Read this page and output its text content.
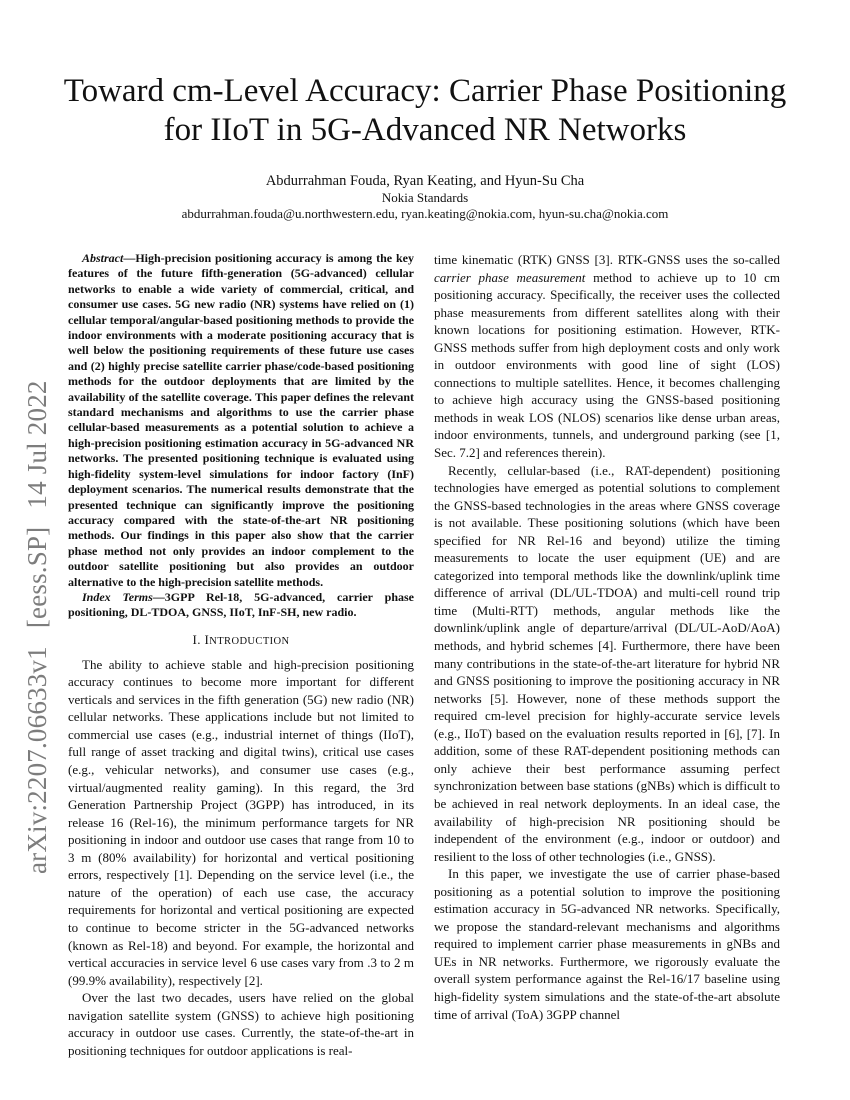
arXiv:2207.06633v1[eess.SP]14 Jul 2022
Toward cm-Level Accuracy: Carrier Phase Positioning for IIoT in 5G-Advanced NR Networks
Abdurrahman Fouda, Ryan Keating, and Hyun-Su Cha
Nokia Standards
abdurrahman.fouda@u.northwestern.edu, ryan.keating@nokia.com, hyun-su.cha@nokia.com

Abstract—High-precision positioning accuracy is among the key features of the future fifth-generation (5G-advanced) cellular networks to enable a wide variety of commercial, critical, and consumer use cases. 5G new radio (NR) systems have relied on (1) cellular temporal/angular-based positioning methods to provide the indoor environments with a moderate positioning accuracy that is well below the positioning requirements of these future use cases and (2) highly precise satellite carrier phase/code-based positioning methods for the outdoor deployments that are limited by the availability of the satellite coverage. This paper defines the relevant standard mechanisms and algorithms to use the carrier phase cellular-based measurements as a potential solution to achieve a high-precision positioning estimation accuracy in 5G-advanced NR networks. The presented positioning technique is evaluated using high-fidelity system-level simulations for indoor factory (InF) deployment scenarios. The numerical results demonstrate that the presented technique can significantly improve the positioning accuracy compared with the state-of-the-art NR positioning methods. Our findings in this paper also show that the carrier phase method not only provides an indoor complement to the outdoor satellite positioning but also provides an outdoor alternative to the high-precision satellite methods.

Index Terms—3GPP Rel-18, 5G-advanced, carrier phase positioning, DL-TDOA, GNSS, IIoT, InF-SH, new radio.

I. INTRODUCTION

The ability to achieve stable and high-precision positioning accuracy continues to become more important for different verticals and services in the fifth generation (5G) new radio (NR) cellular networks. These applications include but not limited to commercial use cases (e.g., industrial internet of things (IIoT), full range of asset tracking and digital twins), critical use cases (e.g., vehicular networks), and consumer use cases (e.g., virtual/augmented reality gaming). In this regard, the 3rd Generation Partnership Project (3GPP) has introduced, in its release 16 (Rel-16), the minimum performance targets for NR positioning in indoor and outdoor use cases that range from 10 to 3 m (80% availability) for horizontal and vertical positioning errors, respectively [1]. Depending on the service level (i.e., the nature of the operation) of each use case, the accuracy requirements for horizontal and vertical positioning are expected to continue to become stricter in the 5G-advanced networks (known as Rel-18) and beyond. For example, the horizontal and vertical accuracies in service level 6 use cases vary from .3 to 2 m (99.9% availability), respectively [2].

Over the last two decades, users have relied on the global navigation satellite system (GNSS) to achieve high positioning accuracy in outdoor use cases. Currently, the state-of-the-art in positioning techniques for outdoor applications is real-

time kinematic (RTK) GNSS [3]. RTK-GNSS uses the so-called carrier phase measurement method to achieve up to 10 cm positioning accuracy. Specifically, the receiver uses the collected phase measurements from different satellites along with their known locations for positioning estimation. However, RTK-GNSS methods suffer from high deployment costs and only work in outdoor environments with good line of sight (LOS) connections to multiple satellites. Hence, it becomes challenging to achieve high accuracy using the GNSS-based positioning methods in weak LOS (NLOS) scenarios like dense urban areas, indoor environments, tunnels, and underground parking (see [1, Sec. 7.2] and references therein).

Recently, cellular-based (i.e., RAT-dependent) positioning technologies have emerged as potential solutions to complement the GNSS-based technologies in the areas where GNSS coverage is not available. These positioning solutions (which have been specified for NR Rel-16 and beyond) utilize the timing measurements to locate the user equipment (UE) and are categorized into temporal methods like the downlink/uplink time difference of arrival (DL/UL-TDOA) and multi-cell round trip time (Multi-RTT) methods, angular methods like the downlink/uplink angle of departure/arrival (DL/UL-AoD/AoA) methods, and hybrid schemes [4]. Furthermore, there have been many contributions in the state-of-the-art literature for hybrid NR and GNSS positioning to improve the positioning accuracy in NR networks [5]. However, none of these methods support the required cm-level precision for highly-accurate service levels (e.g., IIoT) based on the evaluation results reported in [6], [7]. In addition, some of these RAT-dependent positioning methods can only achieve their best performance assuming perfect synchronization between base stations (gNBs) which is difficult to be achieved in real network deployments. In an ideal case, the availability of high-precision NR positioning should be independent of the environment (e.g., indoor or outdoor) and resilient to the loss of other technologies (i.e., GNSS).

In this paper, we investigate the use of carrier phase-based positioning as a potential solution to improve the positioning estimation accuracy in 5G-advanced NR networks. Specifically, we propose the standard-relevant mechanisms and algorithms required to implement carrier phase measurements in gNBs and UEs in NR networks. Furthermore, we rigorously evaluate the overall system performance against the Rel-16/17 baseline using high-fidelity system simulations and the state-of-the-art absolute time of arrival (ToA) 3GPP channel
